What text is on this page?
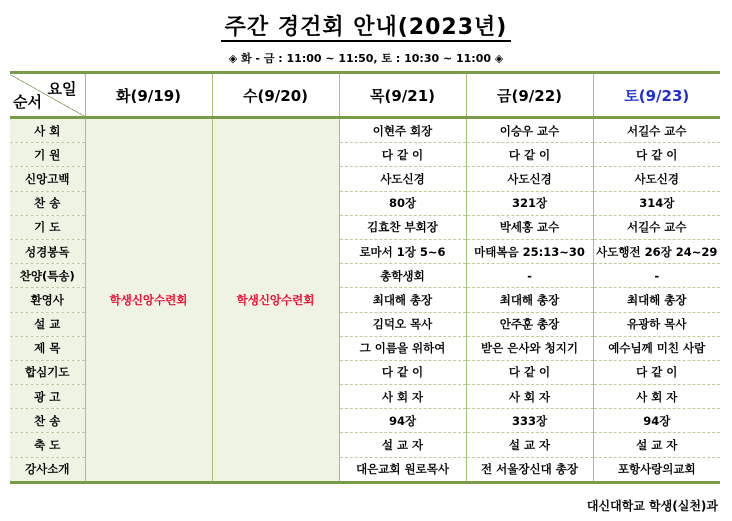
주간 경건회 안내(2023년)
◈ 화 - 금 : 11:00 ~ 11:50, 토 : 10:30 ~ 11:00 ◈
요일
순서	화(9/19)	수(9/20)	목(9/21)	금(9/22)	토(9/23)
사 회	학생신앙수련회	학생신앙수련회	이현주 회장	이승우 교수	서길수 교수
기 원			다 같 이	다 같 이	다 같 이
신앙고백			사도신경	사도신경	사도신경
찬 송			80장	321장	314장
기 도			김효찬 부회장	박세홍 교수	서길수 교수
성경봉독			로마서 1장 5~6	마태복음 25:13~30	사도행전 26장 24~29
찬양(특송)			총학생회	-	-
환영사			최대해 총장	최대해 총장	최대해 총장
설 교			김덕오 목사	안주훈 총장	유광하 목사
제 목			그 이름을 위하여	받은 은사와 청지기	예수님께 미친 사람
합심기도			다 같 이	다 같 이	다 같 이
광 고			사 회 자	사 회 자	사 회 자
찬 송			94장	333장	94장
축 도			설 교 자	설 교 자	설 교 자
강사소개			대은교회 원로목사	전 서울장신대 총장	포항사랑의교회
대신대학교 학생(실천)과
